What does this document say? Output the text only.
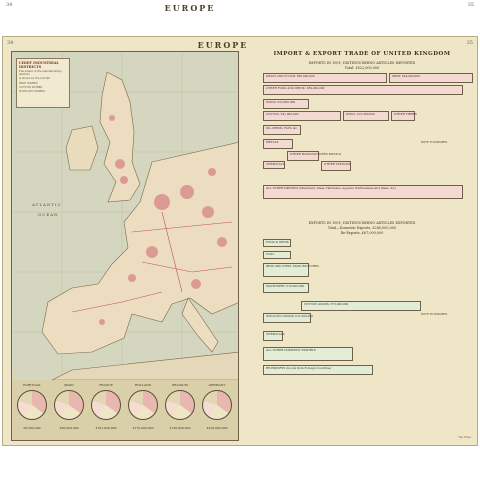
34	EUROPE	35
34	EUROPE	35
ATLANTIC
OCEAN
CHIEF INDUSTRIAL DISTRICTS
The extent of the manufacturing districts
is shown by the red tint
IRON WORKS
COTTON WORKS
WOOLLEN WORKS
PORTUGAL
£8,200,000
SPAIN
£36,000,000
FRANCE
£181,000,000
HOLLAND
£170,000,000
BELGIUM
£130,000,000
GERMANY
£226,000,000
IMPORT & EXPORT TRADE OF UNITED KINGDOM
IMPORTS IN 1901; DISTINGUISHING ARTICLES IMPORTED
Total: £522,000,000
GRAIN AND FLOUR, £66,000,000	MEAT, £44,000,000
OTHER FOOD AND DRINK, £89,000,000
WOOD, £25,000,000
COTTON, £41,000,000	WOOL, £21,000,000	OTHER FIBRES
OIL-SEEDS, FATS, &c.
METALS
OTHER MANUFACTURED METALS
CHEMICALS	OTHER TEXTILES
ALL OTHER IMPORTS (Machinery, Glass, Hardware, Apparel, Earthenware and Glass, &c.)
NOTE TO IMPORTS
EXPORTS IN 1901; DISTINGUISHING ARTICLES EXPORTED
Total—Domestic Exports, £280,000,000
Re-Exports, £67,000,000
FOOD & DRINK
COAL
IRON AND STEEL MANUFACTURES
MACHINERY, £18,000,000
COTTON GOODS, £73,000,000
WOOLLEN GOODS, £21,000,000
CHEMICALS
ALL OTHER DOMESTIC EXPORTS
RE-EXPORTS (Goods from Foreign Countries)
NOTE TO EXPORTS
The Times
